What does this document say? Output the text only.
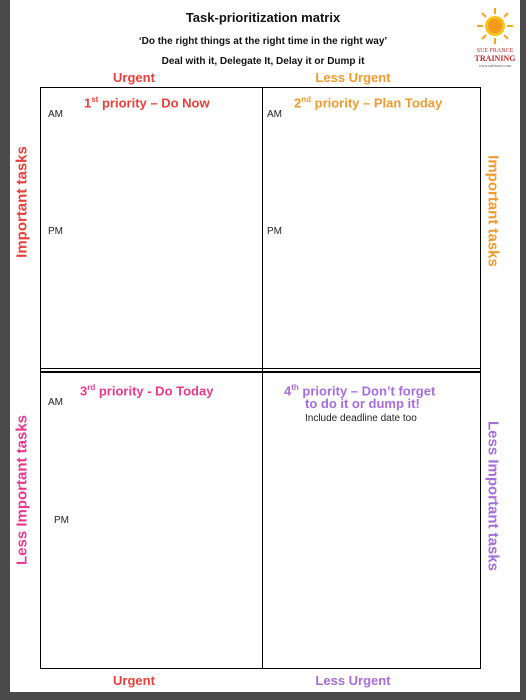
Task-prioritization matrix
‘Do the right things at the right time in the right way’
Deal with it, Delegate It, Delay it or Dump it
SUE FRANCE
TRAINING
www.suefrance.com
Urgent	Less Urgent
Urgent	Less Urgent
1st priority – Do Now
AM
PM
2nd priority – Plan Today
AM
PM
3rd priority - Do Today
AM
PM
4th priority – Don’t forget
to do it or dump it!
Include deadline date too
Important tasks
Less Important tasks
Important tasks
Less Important tasks
